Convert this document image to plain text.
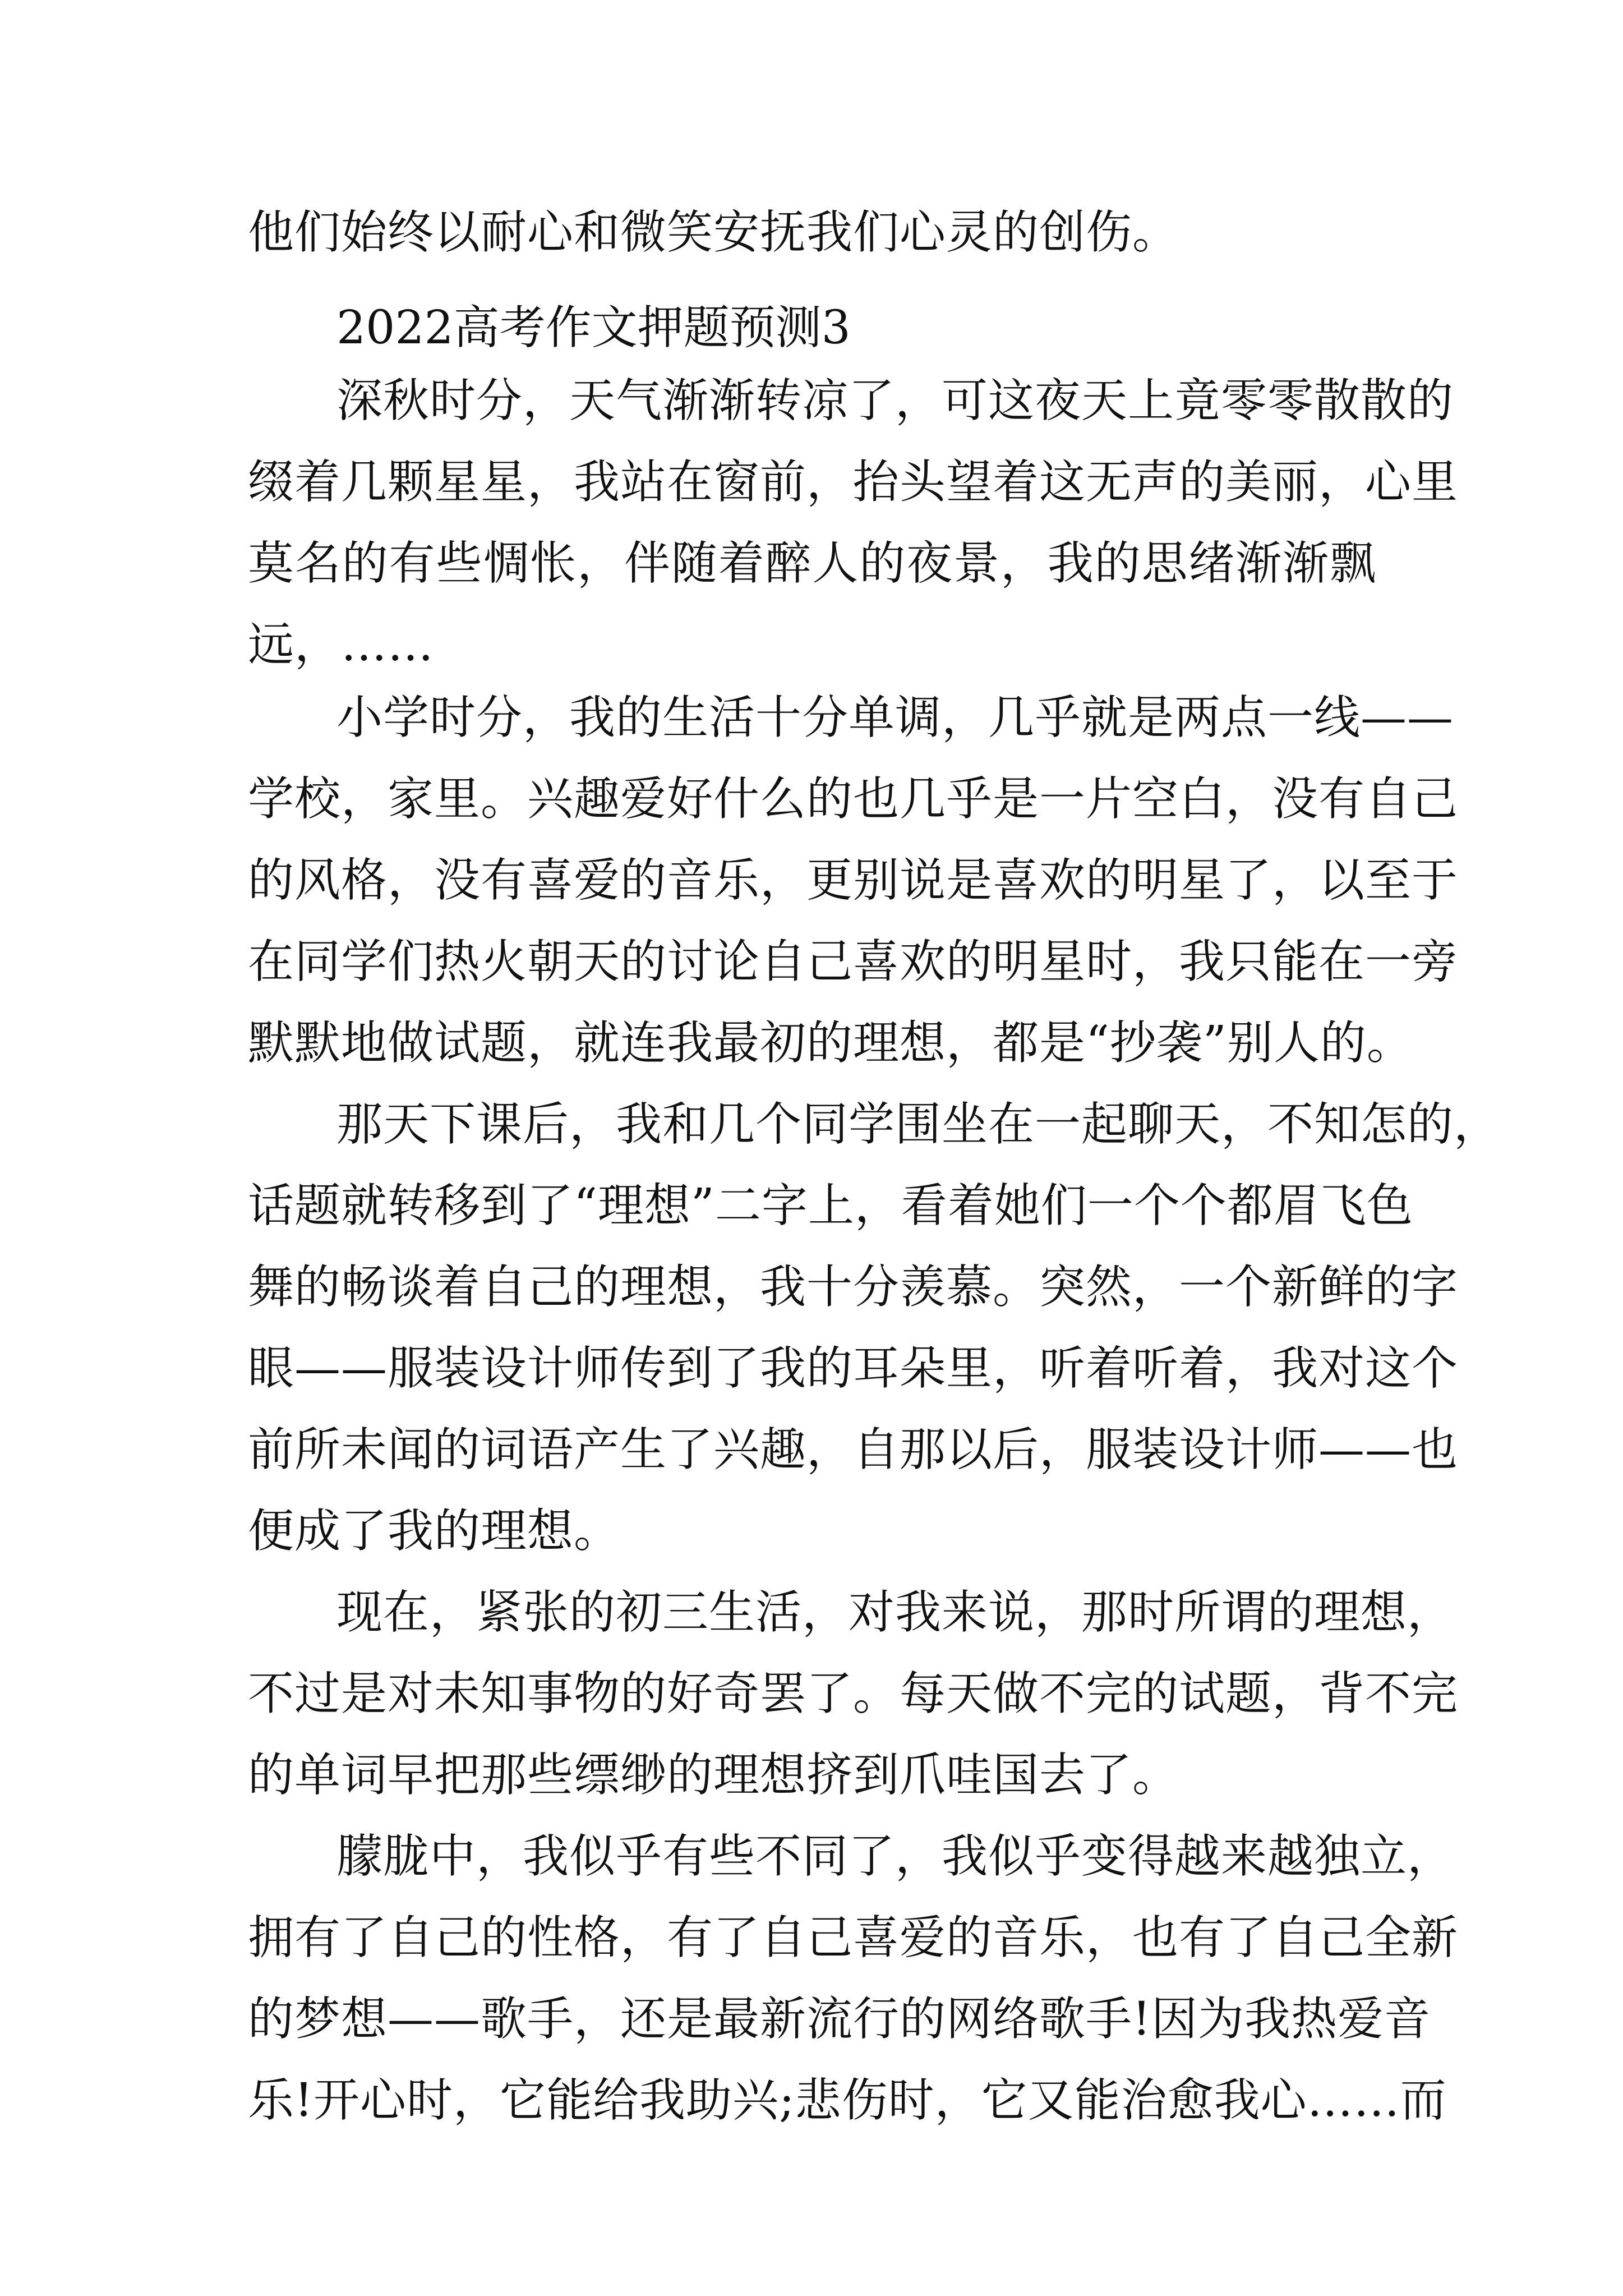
他们始终以耐心和微笑安抚我们心灵的创伤。
2022高考作文押题预测3
深秋时分，天气渐渐转凉了，可这夜天上竟零零散散的
缀着几颗星星，我站在窗前，抬头望着这无声的美丽，心里
莫名的有些惆怅，伴随着醉人的夜景，我的思绪渐渐飘
远，……
小学时分，我的生活十分单调，几乎就是两点一线——
学校，家里。兴趣爱好什么的也几乎是一片空白，没有自己
的风格，没有喜爱的音乐，更别说是喜欢的明星了，以至于
在同学们热火朝天的讨论自己喜欢的明星时，我只能在一旁
默默地做试题，就连我最初的理想，都是“抄袭”别人的。
那天下课后，我和几个同学围坐在一起聊天，不知怎的，
话题就转移到了“理想”二字上，看着她们一个个都眉飞色
舞的畅谈着自己的理想，我十分羡慕。突然，一个新鲜的字
眼——服装设计师传到了我的耳朵里，听着听着，我对这个
前所未闻的词语产生了兴趣，自那以后，服装设计师——也
便成了我的理想。
现在，紧张的初三生活，对我来说，那时所谓的理想，
不过是对未知事物的好奇罢了。每天做不完的试题，背不完
的单词早把那些缥缈的理想挤到爪哇国去了。
朦胧中，我似乎有些不同了，我似乎变得越来越独立，
拥有了自己的性格，有了自己喜爱的音乐，也有了自己全新
的梦想——歌手，还是最新流行的网络歌手!因为我热爱音
乐!开心时，它能给我助兴;悲伤时，它又能治愈我心……而
